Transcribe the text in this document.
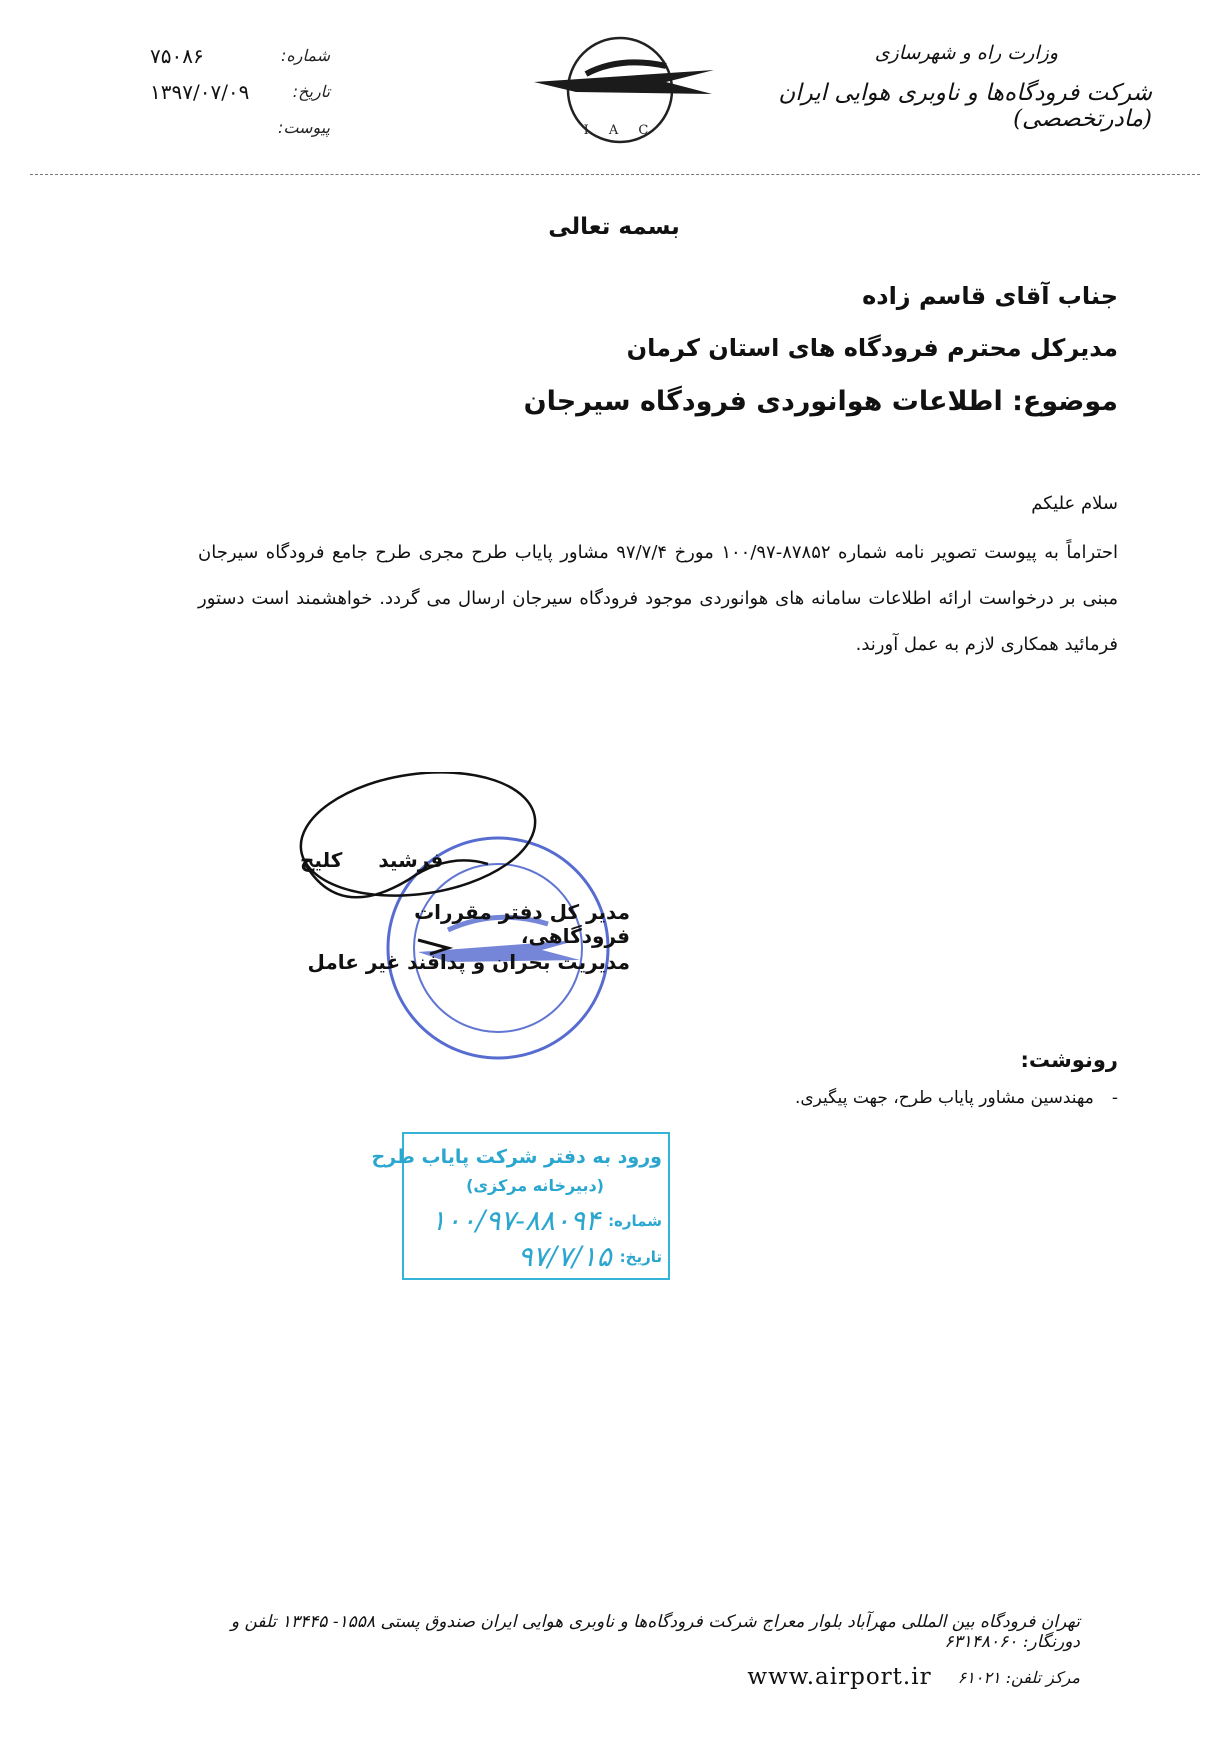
شماره:
۷۵۰۸۶
تاریخ:
۱۳۹۷/۰۷/۰۹
پیوست:	I A C
وزارت راه و شهرسازی
شرکت فرودگاه‌ها و ناوبری هوایی ایران (مادرتخصصی)
بسمه تعالی
جناب آقای قاسم زاده
مدیرکل محترم فرودگاه های استان کرمان
موضوع: اطلاعات هوانوردی فرودگاه سیرجان
سلام علیکم
احتراماً به پیوست تصویر نامه شماره ۸۷۸۵۲-۱۰۰/۹۷ مورخ ۹۷/۷/۴ مشاور پایاب طرح مجری طرح جامع فرودگاه سیرجان مبنی بر درخواست ارائه اطلاعات سامانه های هوانوردی موجود فرودگاه سیرجان ارسال می گردد. خواهشمند است دستور فرمائید همکاری لازم به عمل آورند.
فرشید
کلیج
مدیر کل دفتر مقررات فرودگاهی،
مدیریت بحران و پدافند غیر عامل
رونوشت:
-
مهندسین مشاور پایاب طرح، جهت پیگیری.
ورود به دفتر شرکت پایاب طرح
(دبیرخانه مرکزی)
شماره:
۱۰۰/۹۷-۸۸۰۹۴
تاریخ:
۹۷/۷/۱۵
تهران فرودگاه بین المللی مهرآباد بلوار معراج شرکت فرودگاه‌ها و ناوبری هوایی ایران صندوق پستی ۱۵۵۸- ۱۳۴۴۵ تلفن و دورنگار: ۶۳۱۴۸۰۶۰
مرکز تلفن: ۶۱۰۲۱
www.airport.ir
